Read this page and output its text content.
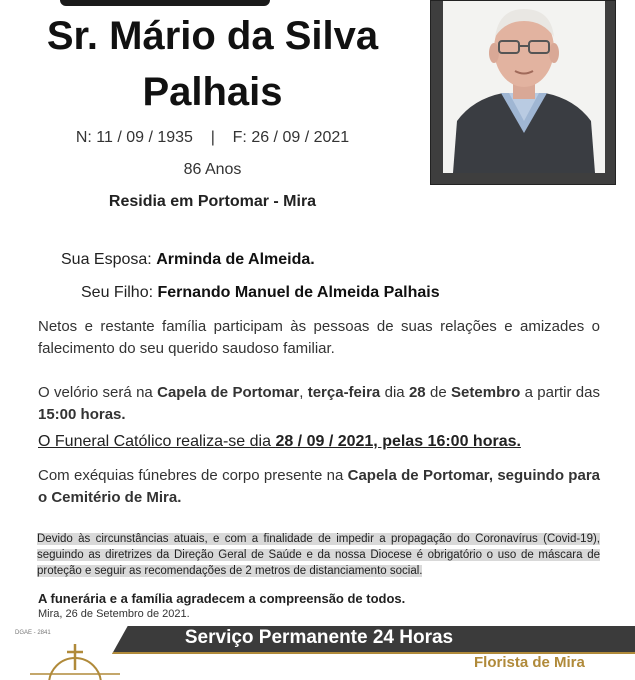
Sr. Mário da Silva
Palhais
N: 11 / 09 / 1935    |    F: 26 / 09 / 2021
86 Anos
Residia em Portomar - Mira
Sua Esposa: Arminda de Almeida.
Seu Filho: Fernando Manuel de Almeida Palhais
Netos e restante família participam às pessoas de suas relações e amizades o falecimento do seu querido saudoso familiar.
O velório será na Capela de Portomar, terça-feira dia 28 de Setembro a partir das 15:00 horas.
O Funeral Católico realiza-se dia 28 / 09 / 2021, pelas 16:00 horas.
Com exéquias fúnebres de corpo presente na Capela de Portomar, seguindo para o Cemitério de Mira.
Devido às circunstâncias atuais, e com a finalidade de impedir a propagação do Coronavírus (Covid-19), seguindo as diretrizes da Direção Geral de Saúde e da nossa Diocese é obrigatório o uso de máscara de proteção e seguir as recomendações de 2 metros de distanciamento social.
A funerária e a família agradecem a compreensão de todos.
Mira, 26 de Setembro de 2021.
DGAE - 2841	Serviço Permanente 24 Horas
Florista de Mira
